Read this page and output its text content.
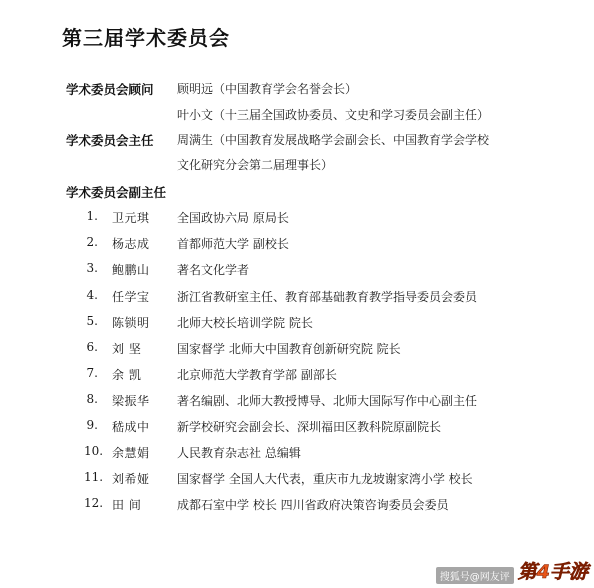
第三届学术委员会
学术委员会顾问 顾明远（中国教育学会名誉会长）
叶小文（十三届全国政协委员、文史和学习委员会副主任）
学术委员会主任 周满生（中国教育发展战略学会副会长、中国教育学会学校
文化研究分会第二届理事长）
学术委员会副主任
1. 卫元琪 全国政协六局 原局长
2. 杨志成 首都师范大学 副校长
3. 鲍鹏山 著名文化学者
4. 任学宝 浙江省教研室主任、教育部基础教育教学指导委员会委员
5. 陈锁明 北师大校长培训学院 院长
6. 刘 坚	国家督学 北师大中国教育创新研究院 院长
7. 余 凯	北京师范大学教育学部 副部长
8. 梁振华 著名编剧、北师大教授博导、北师大国际写作中心副主任
9. 嵇成中 新学校研究会副会长、深圳福田区教科院原副院长
10. 余慧娟 人民教育杂志社 总编辑
11. 刘希娅 国家督学 全国人大代表，重庆市九龙坡谢家湾小学 校长
12. 田 间	成都石室中学 校长 四川省政府决策咨询委员会委员
搜狐号@网友评 第4手游
